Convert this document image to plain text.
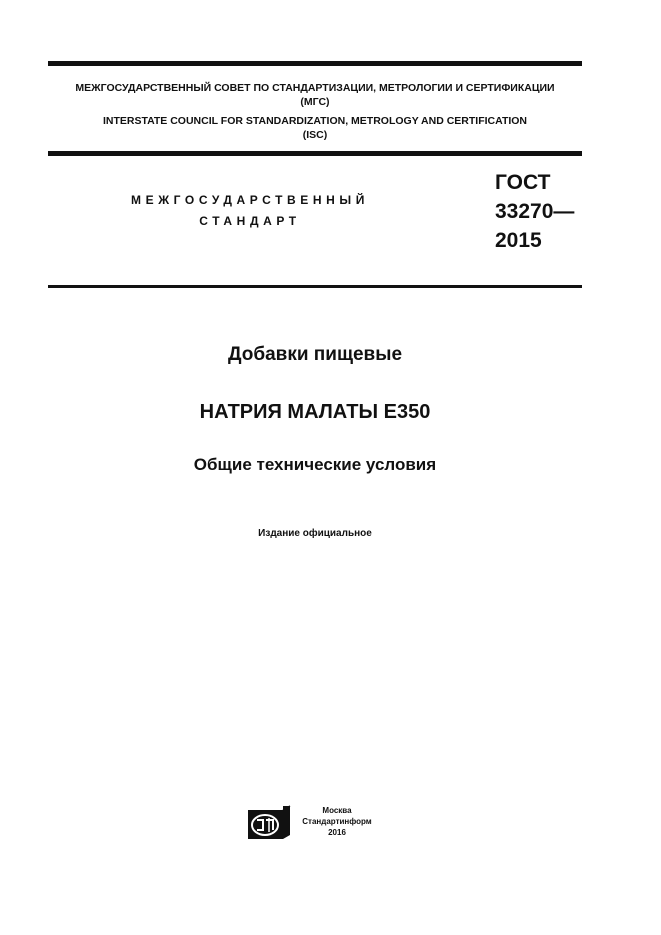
МЕЖГОСУДАРСТВЕННЫЙ СОВЕТ ПО СТАНДАРТИЗАЦИИ, МЕТРОЛОГИИ И СЕРТИФИКАЦИИ
(МГС)
INTERSTATE COUNCIL FOR STANDARDIZATION, METROLOGY AND CERTIFICATION
(ISC)
МЕЖГОСУДАРСТВЕННЫЙ
СТАНДАРТ
ГОСТ
33270—
2015
Добавки пищевые
НАТРИЯ МАЛАТЫ Е350
Общие технические условия
Издание официальное
Москва
Стандартинформ
2016
